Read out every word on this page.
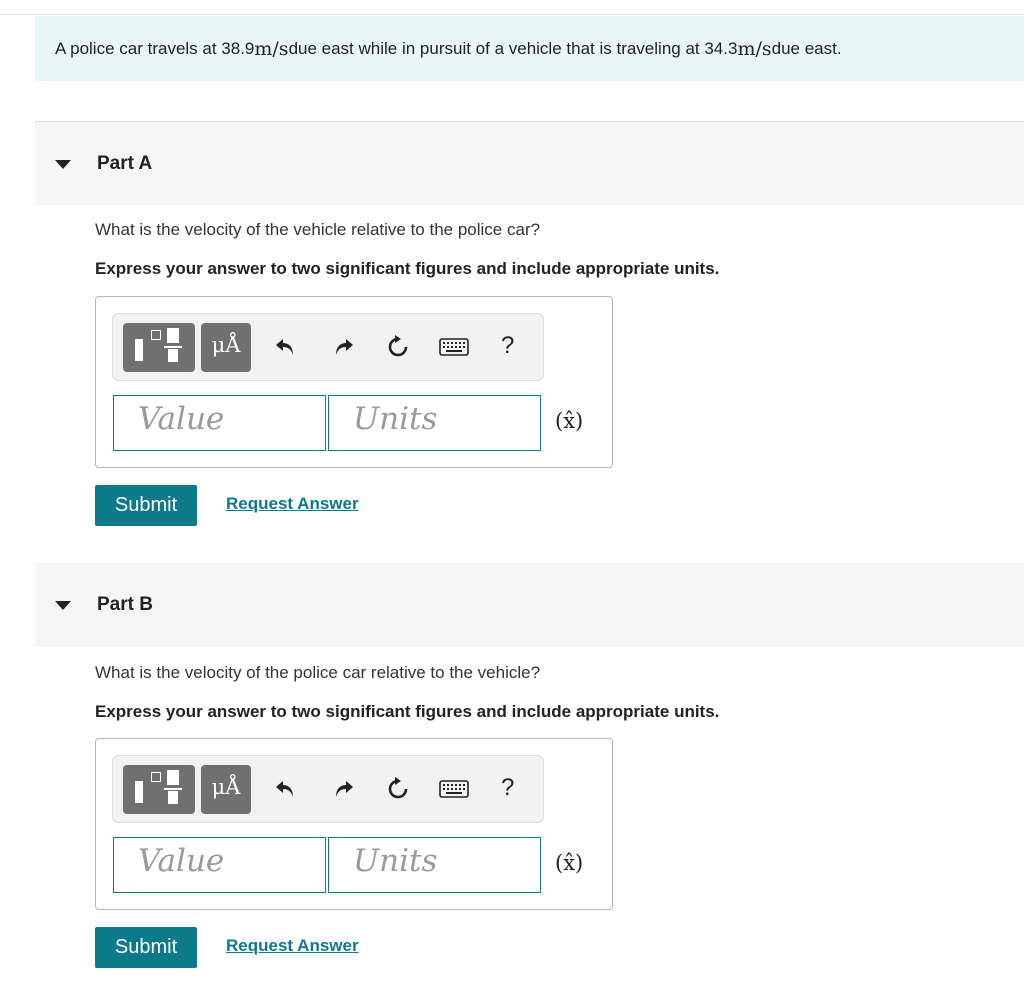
A police car travels at 38.9 m/s due east while in pursuit of a vehicle that is traveling at 34.3 m/s due east.
Part A
What is the velocity of the vehicle relative to the police car?
Express your answer to two significant figures and include appropriate units.
μÅ	?
Value	Units	(x̂)
Submit	Request Answer
Part B
What is the velocity of the police car relative to the vehicle?
Express your answer to two significant figures and include appropriate units.
μÅ	?
Value	Units	(x̂)
Submit	Request Answer
